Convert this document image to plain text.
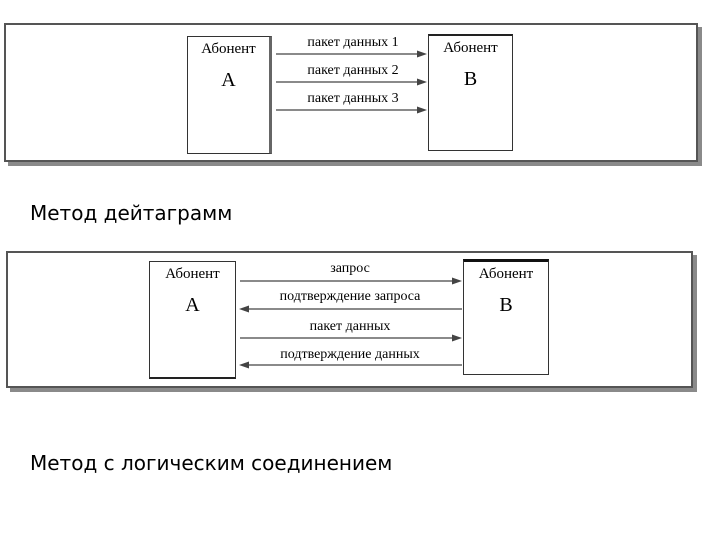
Абонент
А
Абонент
В
пакет данных 1
пакет данных 2
пакет данных 3
Метод дейтаграмм
Абонент
А
Абонент
В
запрос
подтверждение запроса
пакет данных
подтверждение данных
Метод с логическим соединением
